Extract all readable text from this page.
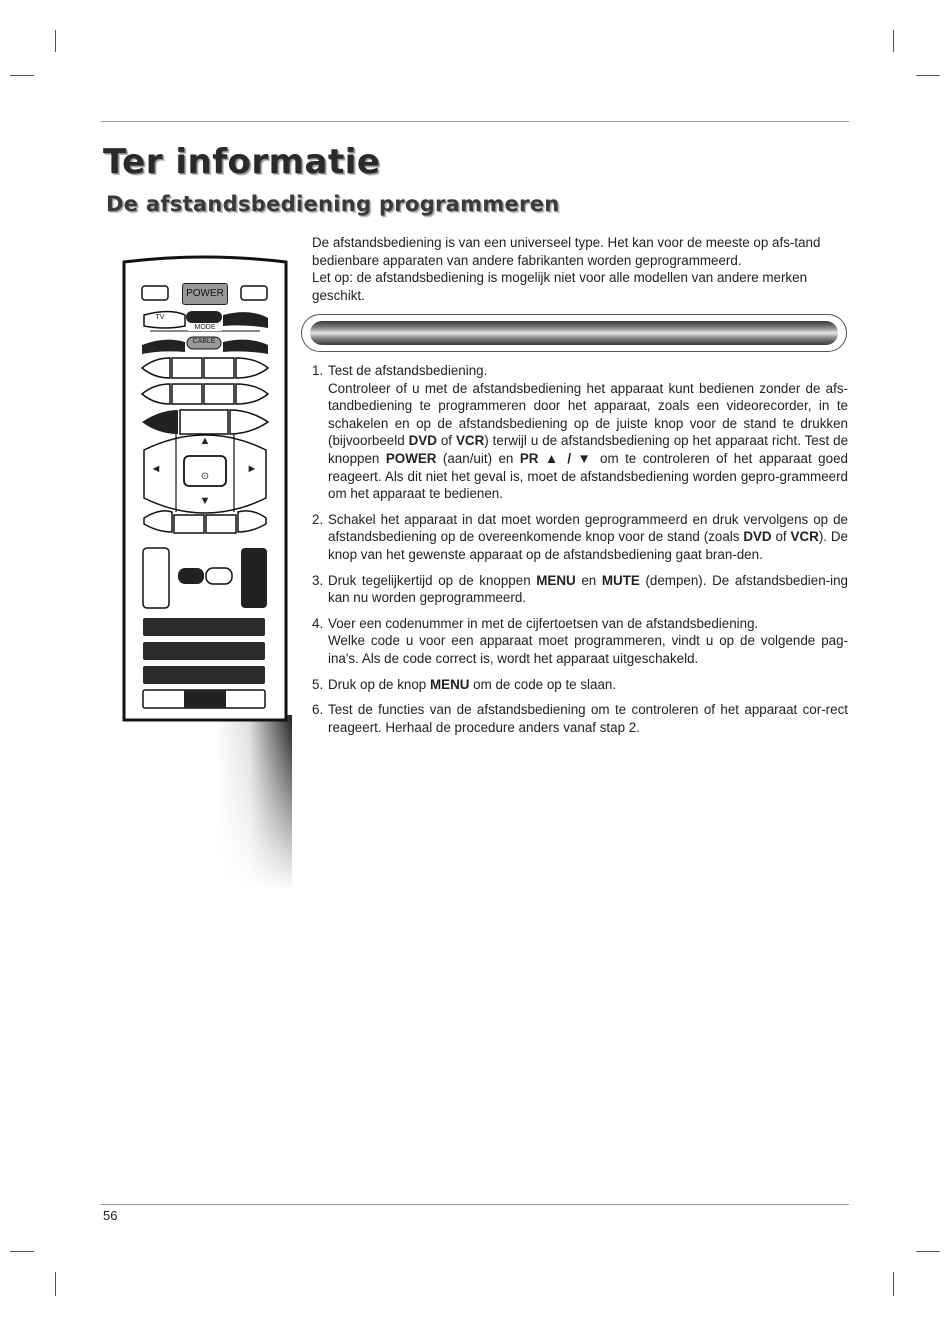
Ter informatie
De afstandsbediening programmeren
De afstandsbediening is van een universeel type. Het kan voor de meeste op afs-tand bedienbare apparaten van andere fabrikanten worden geprogrammeerd.
Let op: de afstandsbediening is mogelijk niet voor alle modellen van andere merken geschikt.
POWER
TV
MODE
CABLE
▲
▼
◄	►
⊙
1. Test de afstandsbediening.
Controleer of u met de afstandsbediening het apparaat kunt bedienen zonder de afs-tandbediening te programmeren door het apparaat, zoals een videorecorder, in te schakelen en op de afstandsbediening op de juiste knop voor de stand te drukken (bijvoorbeeld DVD of VCR) terwijl u de afstandsbediening op het apparaat richt. Test de knoppen POWER (aan/uit) en PR ▲ / ▼ om te controleren of het apparaat goed reageert. Als dit niet het geval is, moet de afstandsbediening worden gepro-grammeerd om het apparaat te bedienen.
2. Schakel het apparaat in dat moet worden geprogrammeerd en druk vervolgens op de afstandsbediening op de overeenkomende knop voor de stand (zoals DVD of VCR). De knop van het gewenste apparaat op de afstandsbediening gaat bran-den.
3. Druk tegelijkertijd op de knoppen MENU en MUTE (dempen). De afstandsbedien-ing kan nu worden geprogrammeerd.
4. Voer een codenummer in met de cijfertoetsen van de afstandsbediening.
Welke code u voor een apparaat moet programmeren, vindt u op de volgende pag-ina's. Als de code correct is, wordt het apparaat uitgeschakeld.
5. Druk op de knop MENU om de code op te slaan.
6. Test de functies van de afstandsbediening om te controleren of het apparaat cor-rect reageert. Herhaal de procedure anders vanaf stap 2.
56
